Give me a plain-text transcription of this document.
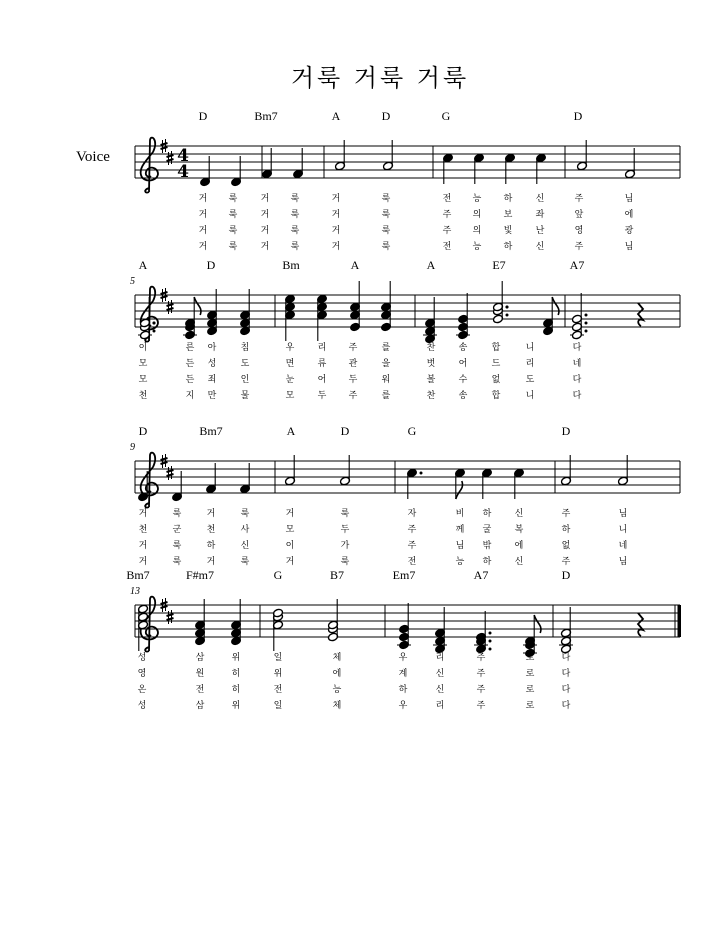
거룩 거룩 거룩
Voice	4
4
D	Bm7	A	D	G	D
거 룩	거 룩	거	룩	전 능 하	신	주	님
거 룩	거 룩	거	룩	주 의 보	좌	앞	에
거 룩	거 룩	거	룩	주 의 빛	난	영	광
거 룩	거 룩	거	룩	전 능 하	신	주	님
5
A	D	Bm	A	A	E7	A7
이	른 아	침	우	리 주	를	찬	송	합	니	다
모	든 성	도	면	류 관	을	벗	어	드	리	네
모	든 죄	인	눈	어 두	워	볼	수	없	도	다
천	지 만	물	모	두 주	를	찬	송	합	니	다
9
D	Bm7	A	D	G	D
거	룩	거	룩	거	룩	자	비 하	신	주	님
천	군	천	사	모	두	주	께 굴	복	하	니
거	룩	하	신	이	가	주	님 밖	에	없	네
거	룩	거	룩	거	룩	전	능 하	신	주	님
13
Bm7	F#m7	G	B7	Em7	A7	D
성	삼	위	일	체	우	리	주	로	다
영	원	히	위	에	계	신	주	로	다
온	전	히	전	능	하	신	주	로	다
성	삼	위	일	체	우	리	주	로	다
